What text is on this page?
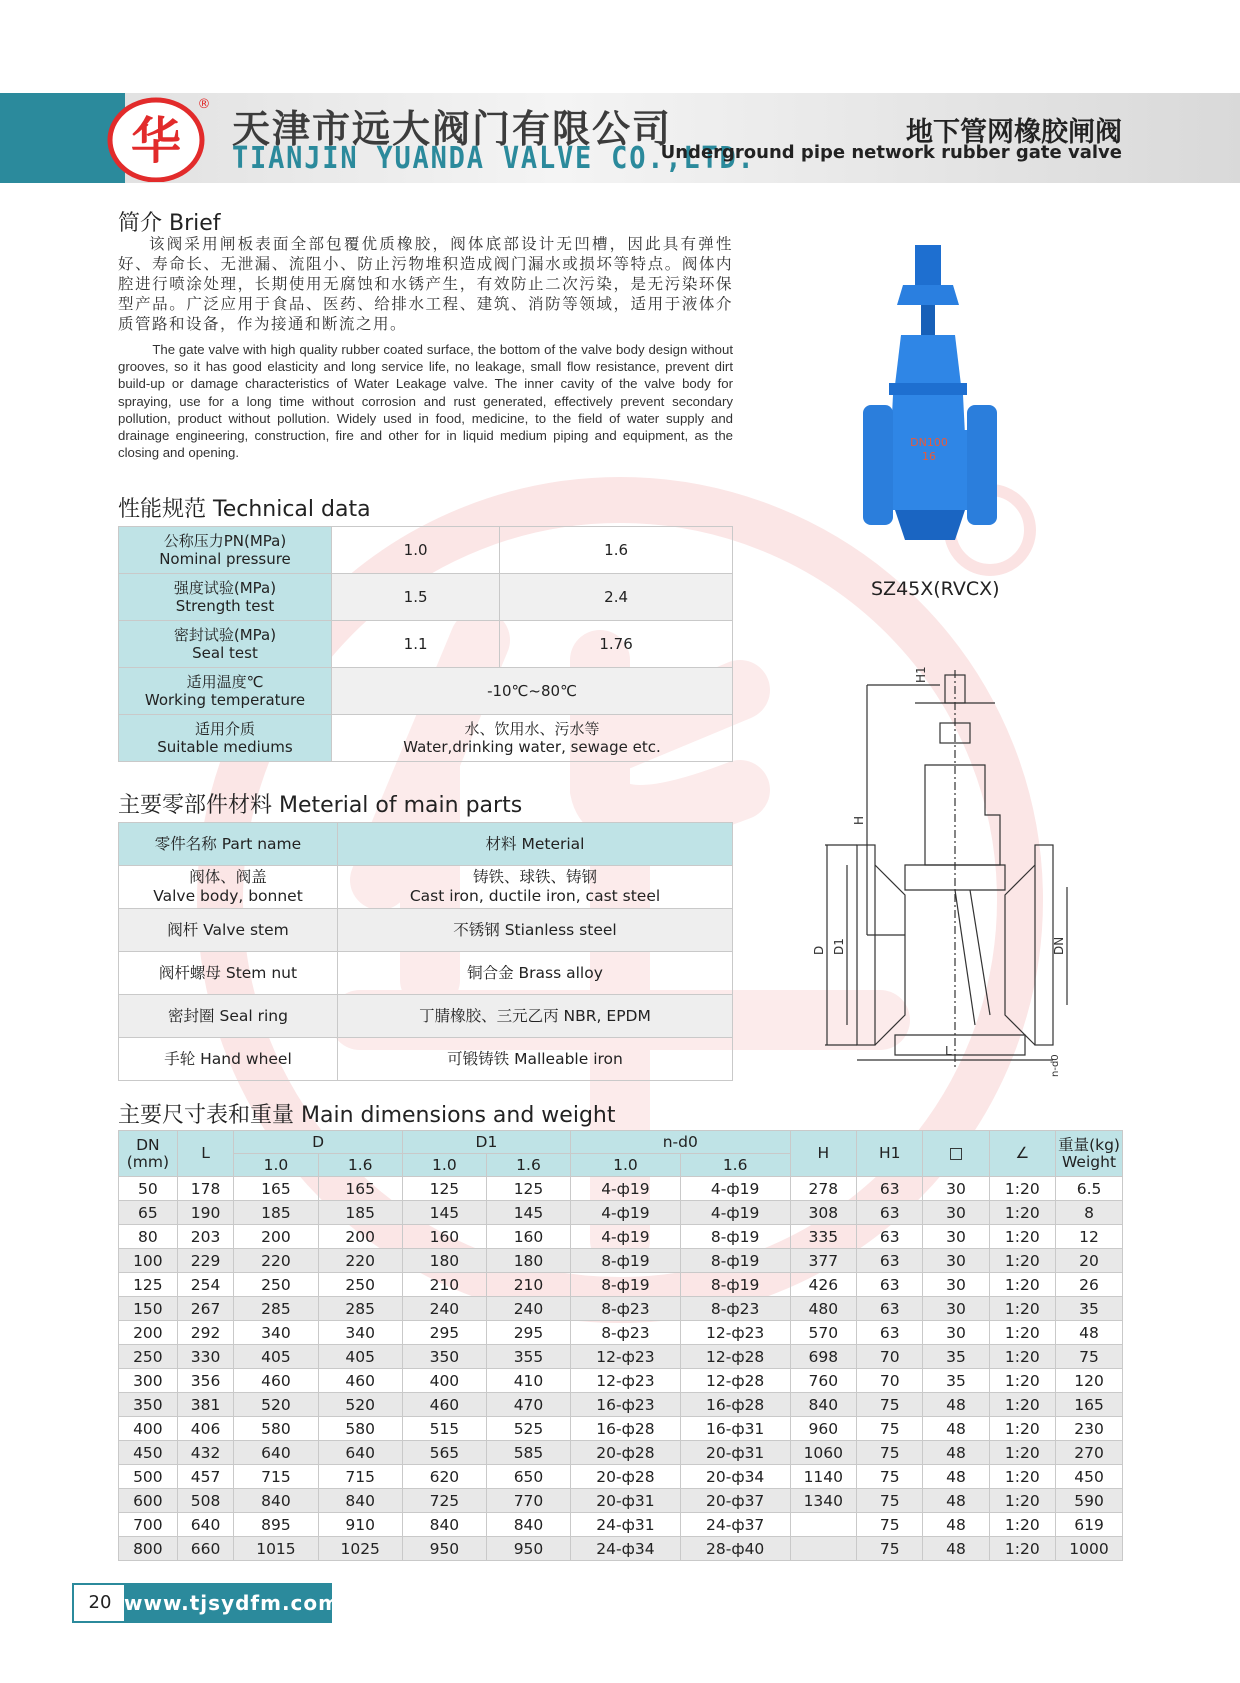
华
®
天津市远大阀门有限公司
TIANJIN YUANDA VALVE CO.,LTD.
地下管网橡胶闸阀
Underground pipe network rubber gate valve
简介 Brief
该阀采用闸板表面全部包覆优质橡胶，阀体底部设计无凹槽，因此具有弹性好、寿命长、无泄漏、流阻小、防止污物堆积造成阀门漏水或损坏等特点。阀体内腔进行喷涂处理，长期使用无腐蚀和水锈产生，有效防止二次污染，是无污染环保型产品。广泛应用于食品、医药、给排水工程、建筑、消防等领域，适用于液体介质管路和设备，作为接通和断流之用。
The gate valve with high quality rubber coated surface, the bottom of the valve body design without grooves, so it has good elasticity and long service life, no leakage, small flow resistance, prevent dirt build-up or damage characteristics of Water Leakage valve. The inner cavity of the valve body for spraying, use for a long time without corrosion and rust generated, effectively prevent secondary pollution, product without pollution. Widely used in food, medicine, to the field of water supply and drainage engineering, construction, fire and other for in liquid medium piping and equipment, as the closing and opening.
DN100
16
SZ45X(RVCX)
性能规范 Technical data
公称压力PN(MPa)
Nominal pressure	1.0	1.6
强度试验(MPa)
Strength test	1.5	2.4
密封试验(MPa)
Seal test	1.1	1.76
适用温度℃
Working temperature	-10℃~80℃	
适用介质
Suitable mediums	水、饮用水、污水等
Water,drinking water, sewage etc.	
主要零部件材料 Meterial of main parts
零件名称 Part name	材料 Meterial
阀体、阀盖
Valve body, bonnet	铸铁、球铁、铸钢
Cast iron, ductile iron, cast steel
阀杆 Valve stem	不锈钢 Stianless steel
阀杆螺母 Stem nut	铜合金 Brass alloy
密封圈 Seal ring	丁腈橡胶、三元乙丙 NBR, EPDM
手轮 Hand wheel	可锻铸铁 Malleable iron
H1
H
D D1	DN
L
n-d0
主要尺寸表和重量 Main dimensions and weight
DN
(mm)	L	D		D1		n-d0		H	H1	□	∠	重量(kg)
Weight
		1.0	1.6	1.0	1.6	1.0	1.6					
50	178	165	165	125	125	4-ф19	4-ф19	278	63	30	1:20	6.5
65	190	185	185	145	145	4-ф19	4-ф19	308	63	30	1:20	8
80	203	200	200	160	160	4-ф19	8-ф19	335	63	30	1:20	12
100	229	220	220	180	180	8-ф19	8-ф19	377	63	30	1:20	20
125	254	250	250	210	210	8-ф19	8-ф19	426	63	30	1:20	26
150	267	285	285	240	240	8-ф23	8-ф23	480	63	30	1:20	35
200	292	340	340	295	295	8-ф23	12-ф23	570	63	30	1:20	48
250	330	405	405	350	355	12-ф23	12-ф28	698	70	35	1:20	75
300	356	460	460	400	410	12-ф23	12-ф28	760	70	35	1:20	120
350	381	520	520	460	470	16-ф23	16-ф28	840	75	48	1:20	165
400	406	580	580	515	525	16-ф28	16-ф31	960	75	48	1:20	230
450	432	640	640	565	585	20-ф28	20-ф31	1060	75	48	1:20	270
500	457	715	715	620	650	20-ф28	20-ф34	1140	75	48	1:20	450
600	508	840	840	725	770	20-ф31	20-ф37	1340	75	48	1:20	590
700	640	895	910	840	840	24-ф31	24-ф37		75	48	1:20	619
800	660	1015	1025	950	950	24-ф34	28-ф40		75	48	1:20	1000
20 www.tjsydfm.com
